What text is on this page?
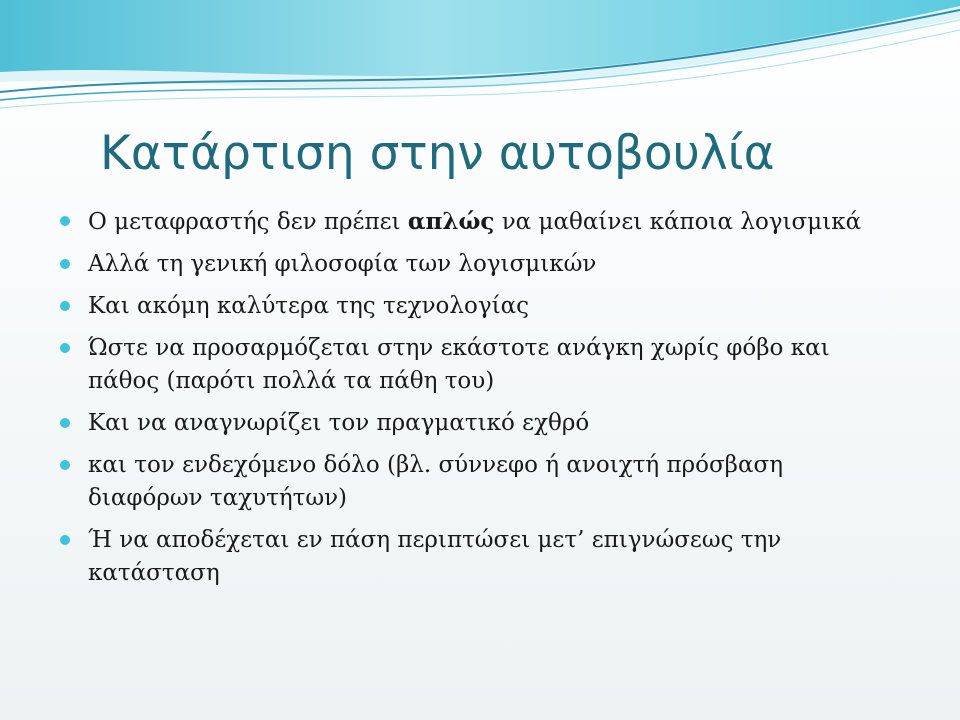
Κατάρτιση στην αυτοβουλία
Ο μεταφραστής δεν πρέπει απλώς να μαθαίνει κάποια λογισμικά
Αλλά τη γενική φιλοσοφία των λογισμικών
Και ακόμη καλύτερα της τεχνολογίας
Ώστε να προσαρμόζεται στην εκάστοτε ανάγκη χωρίς φόβο και πάθος (παρότι πολλά τα πάθη του)
Και να αναγνωρίζει τον πραγματικό εχθρό
και τον ενδεχόμενο δόλο (βλ. σύννεφο ή ανοιχτή πρόσβαση διαφόρων ταχυτήτων)
Ή να αποδέχεται εν πάση περιπτώσει μετ’ επιγνώσεως την κατάσταση
